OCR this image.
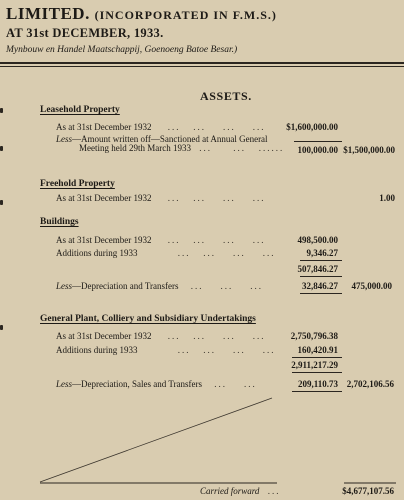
LIMITED. (INCORPORATED IN F.M.S.)
AT 31st DECEMBER, 1933.
Mynbouw en Handel Maatschappij, Goenoeng Batoe Besar.)
ASSETS.
Leasehold Property
As at 31st December 1932 ...   ...    ...    ... $1,600,000.00
Less—Amount written off—Sanctioned at Annual General
Meeting held 29th March 1933 ...     ...   ...... 100,000.00 $1,500,000.00
Freehold Property
As at 31st December 1932 ...   ...    ...    ...	1.00
Buildings
As at 31st December 1932 ...   ...    ...    ...	498,500.00
Additions during 1933	...   ...    ...    ...	9,346.27
507,846.27
Less—Depreciation and Transfers ...    ...    ...	32,846.27 475,000.00
General Plant, Colliery and Subsidiary Undertakings
As at 31st December 1932 ...   ...    ...    ...	2,750,796.38
Additions during 1933	...   ...    ...    ... 160,420.91
2,911,217.29
Less—Depreciation, Sales and Transfers ...    ...	209,110.73 2,702,106.56
Carried forward ...	$4,677,107.56
